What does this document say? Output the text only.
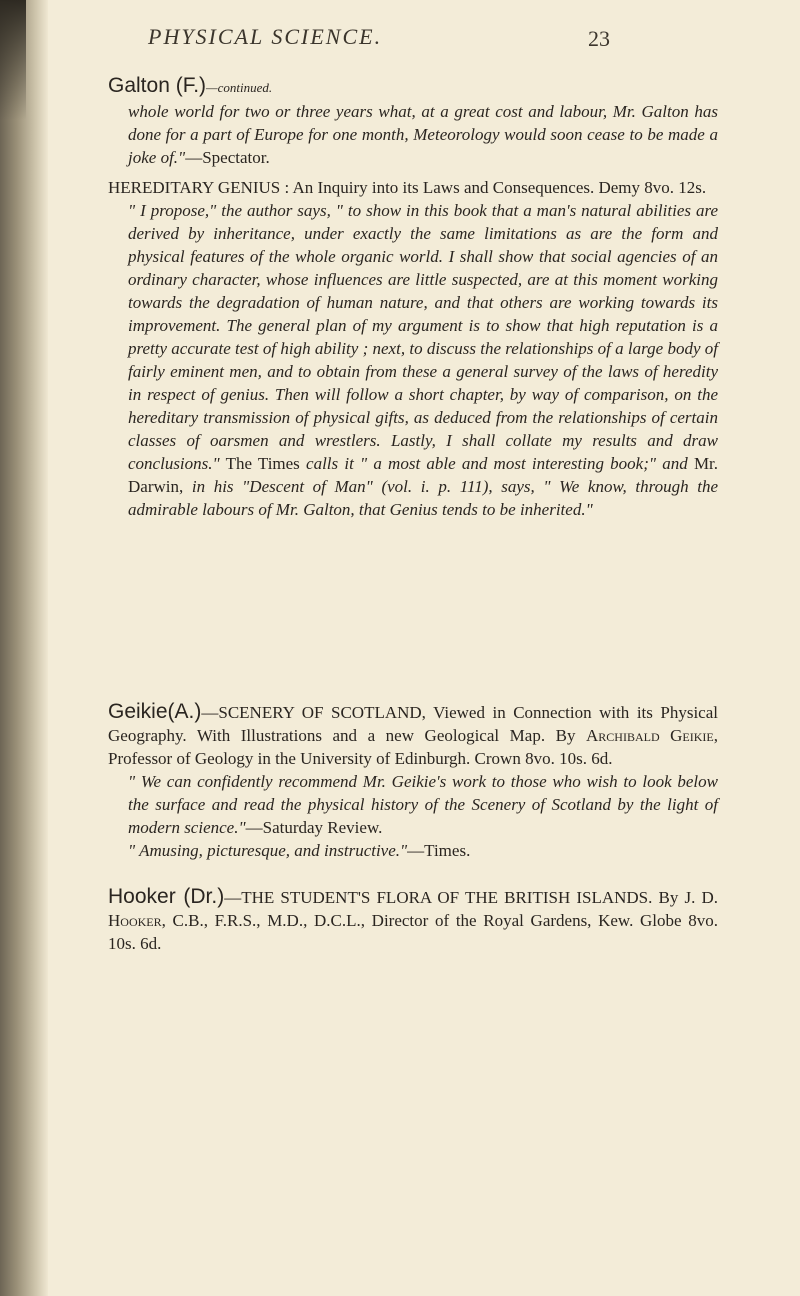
PHYSICAL SCIENCE.	23
Galton (F.)—continued.
whole world for two or three years what, at a great cost and labour, Mr. Galton has done for a part of Europe for one month, Meteorology would soon cease to be made a joke of."—Spectator.
HEREDITARY GENIUS : An Inquiry into its Laws and Consequences. Demy 8vo. 12s.
" I propose," the author says, " to show in this book that a man's natural abilities are derived by inheritance, under exactly the same limitations as are the form and physical features of the whole organic world. I shall show that social agencies of an ordinary character, whose influences are little suspected, are at this moment working towards the degradation of human nature, and that others are working towards its improvement. The general plan of my argument is to show that high reputation is a pretty accurate test of high ability ; next, to discuss the relationships of a large body of fairly eminent men, and to obtain from these a general survey of the laws of heredity in respect of genius. Then will follow a short chapter, by way of comparison, on the hereditary transmission of physical gifts, as deduced from the relationships of certain classes of oarsmen and wrestlers. Lastly, I shall collate my results and draw conclusions." The Times calls it " a most able and most interesting book;" and Mr. Darwin, in his "Descent of Man" (vol. i. p. 111), says, " We know, through the admirable labours of Mr. Galton, that Genius tends to be inherited."
Geikie(A.)—SCENERY OF SCOTLAND, Viewed in Connection with its Physical Geography. With Illustrations and a new Geological Map. By Archibald Geikie, Professor of Geology in the University of Edinburgh. Crown 8vo. 10s. 6d.
" We can confidently recommend Mr. Geikie's work to those who wish to look below the surface and read the physical history of the Scenery of Scotland by the light of modern science."—Saturday Review.
" Amusing, picturesque, and instructive."—Times.
Hooker (Dr.)—THE STUDENT'S FLORA OF THE BRITISH ISLANDS. By J. D. Hooker, C.B., F.R.S., M.D., D.C.L., Director of the Royal Gardens, Kew. Globe 8vo. 10s. 6d.
